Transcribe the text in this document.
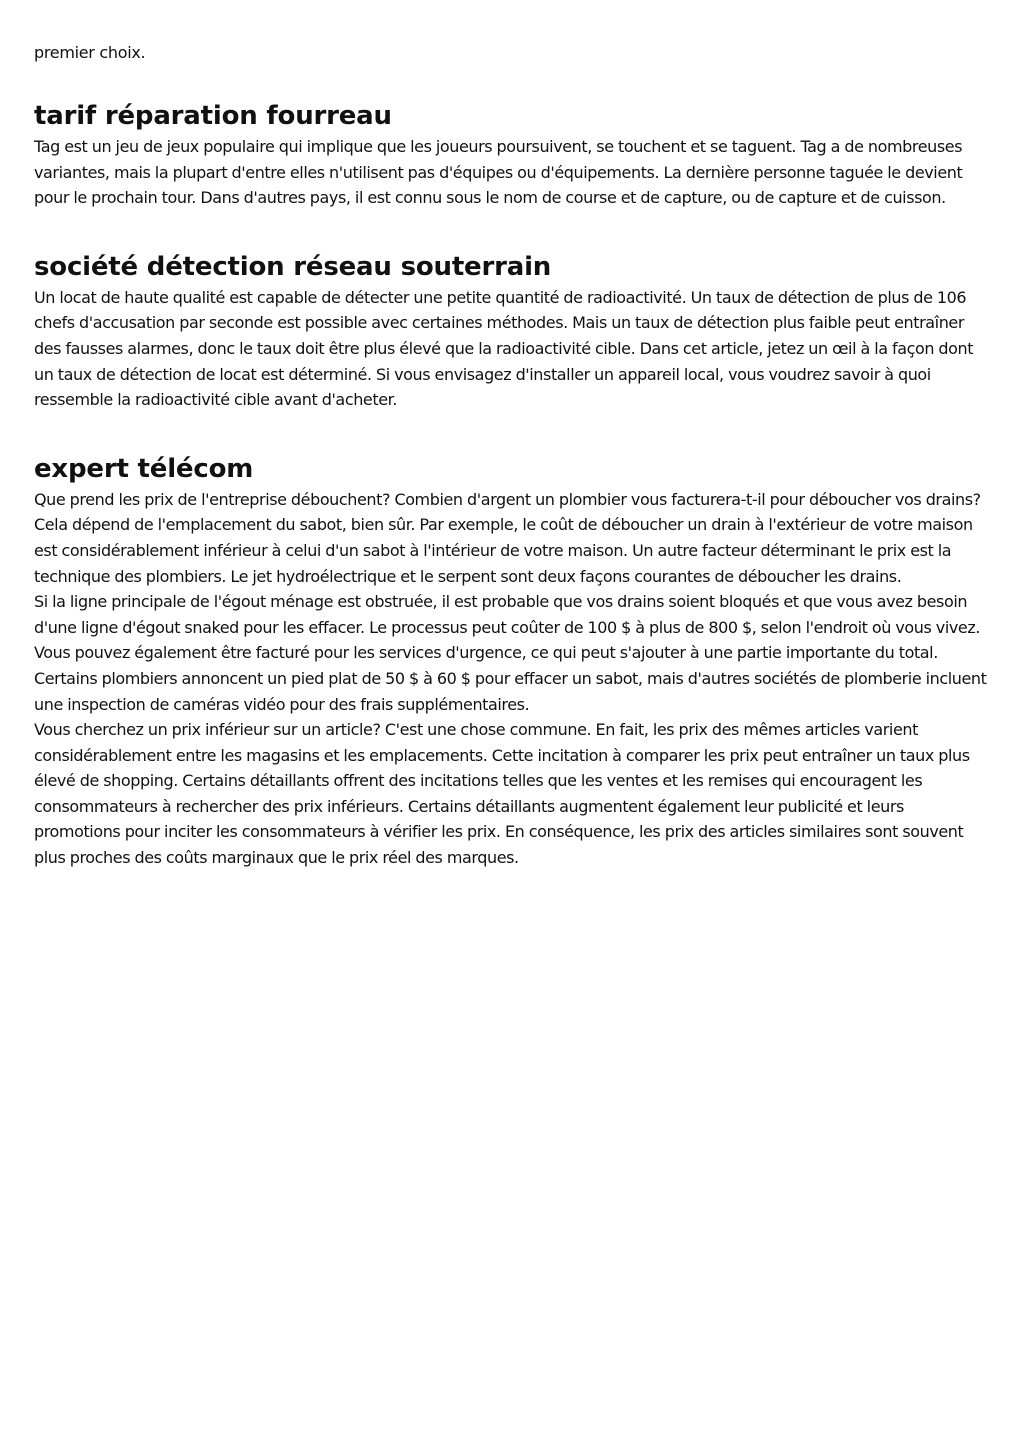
premier choix.

tarif réparation fourreau

Tag est un jeu de jeux populaire qui implique que les joueurs poursuivent, se touchent et se taguent. Tag a de nombreuses variantes, mais la plupart d'entre elles n'utilisent pas d'équipes ou d'équipements. La dernière personne taguée le devient pour le prochain tour. Dans d'autres pays, il est connu sous le nom de course et de capture, ou de capture et de cuisson.

société détection réseau souterrain

Un locat de haute qualité est capable de détecter une petite quantité de radioactivité. Un taux de détection de plus de 106 chefs d'accusation par seconde est possible avec certaines méthodes. Mais un taux de détection plus faible peut entraîner des fausses alarmes, donc le taux doit être plus élevé que la radioactivité cible. Dans cet article, jetez un œil à la façon dont un taux de détection de locat est déterminé. Si vous envisagez d'installer un appareil local, vous voudrez savoir à quoi ressemble la radioactivité cible avant d'acheter.

expert télécom

Que prend les prix de l'entreprise débouchent? Combien d'argent un plombier vous facturera-t-il pour déboucher vos drains? Cela dépend de l'emplacement du sabot, bien sûr. Par exemple, le coût de déboucher un drain à l'extérieur de votre maison est considérablement inférieur à celui d'un sabot à l'intérieur de votre maison. Un autre facteur déterminant le prix est la technique des plombiers. Le jet hydroélectrique et le serpent sont deux façons courantes de déboucher les drains.

Si la ligne principale de l'égout ménage est obstruée, il est probable que vos drains soient bloqués et que vous avez besoin d'une ligne d'égout snaked pour les effacer. Le processus peut coûter de 100 $ à plus de 800 $, selon l'endroit où vous vivez. Vous pouvez également être facturé pour les services d'urgence, ce qui peut s'ajouter à une partie importante du total. Certains plombiers annoncent un pied plat de 50 $ à 60 $ pour effacer un sabot, mais d'autres sociétés de plomberie incluent une inspection de caméras vidéo pour des frais supplémentaires.

Vous cherchez un prix inférieur sur un article? C'est une chose commune. En fait, les prix des mêmes articles varient considérablement entre les magasins et les emplacements. Cette incitation à comparer les prix peut entraîner un taux plus élevé de shopping. Certains détaillants offrent des incitations telles que les ventes et les remises qui encouragent les consommateurs à rechercher des prix inférieurs. Certains détaillants augmentent également leur publicité et leurs promotions pour inciter les consommateurs à vérifier les prix. En conséquence, les prix des articles similaires sont souvent plus proches des coûts marginaux que le prix réel des marques.
